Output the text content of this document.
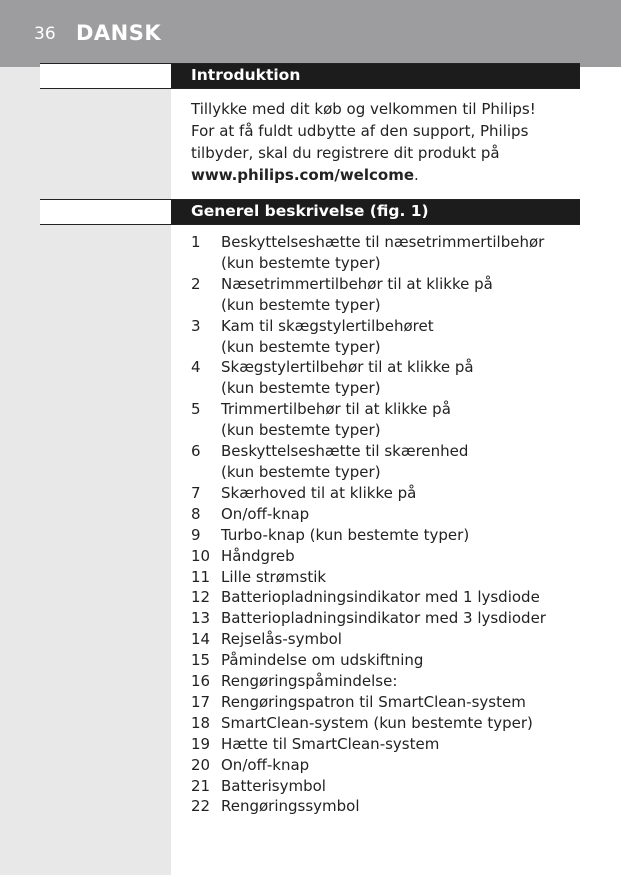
36 DANSK
Introduktion
Tillykke med dit køb og velkommen til Philips!
For at få fuldt udbytte af den support, Philips tilbyder, skal du registrere dit produkt på www.philips.com/welcome.
Generel beskrivelse (fig. 1)
1	Beskyttelseshætte til næsetrimmertilbehør
(kun bestemte typer)
2	Næsetrimmertilbehør til at klikke på
(kun bestemte typer)
3	Kam til skægstylertilbehøret
(kun bestemte typer)
4	Skægstylertilbehør til at klikke på
(kun bestemte typer)
5	Trimmertilbehør til at klikke på
(kun bestemte typer)
6	Beskyttelseshætte til skærenhed
(kun bestemte typer)
7	Skærhoved til at klikke på
8	On/off-knap
9	Turbo-knap (kun bestemte typer)
10 Håndgreb
11 Lille strømstik
12 Batteriopladningsindikator med 1 lysdiode
13 Batteriopladningsindikator med 3 lysdioder
14 Rejselås-symbol
15 Påmindelse om udskiftning
16 Rengøringspåmindelse:
17 Rengøringspatron til SmartClean-system
18 SmartClean-system (kun bestemte typer)
19 Hætte til SmartClean-system
20 On/off-knap
21 Batterisymbol
22 Rengøringssymbol
